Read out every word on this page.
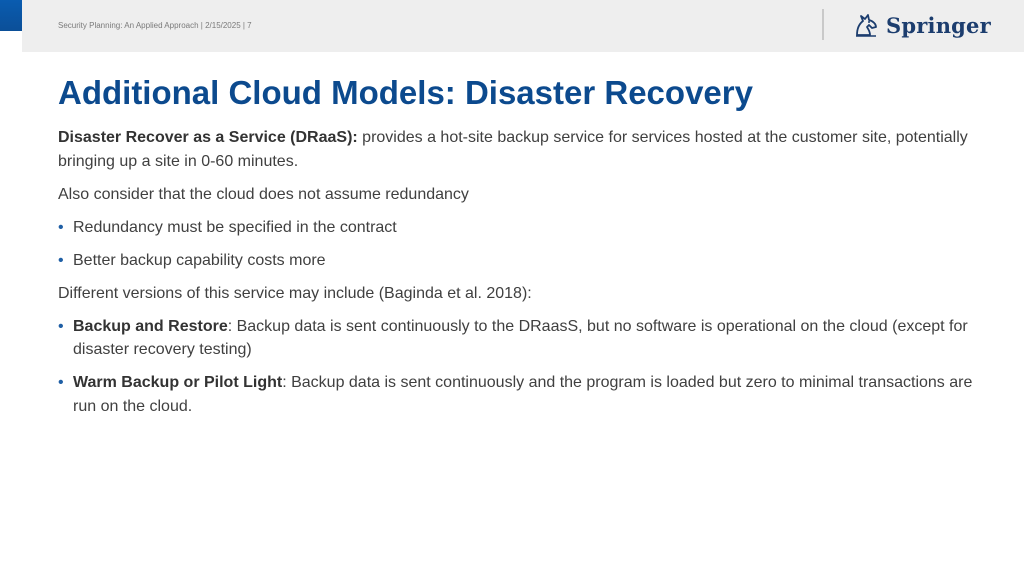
Security Planning: An Applied Approach | 2/15/2025 | 7	Springer
Additional Cloud Models: Disaster Recovery

Disaster Recover as a Service (DRaaS): provides a hot-site backup service for services hosted at the customer site, potentially bringing up a site in 0-60 minutes.

Also consider that the cloud does not assume redundancy

• Redundancy must be specified in the contract
• Better backup capability costs more

Different versions of this service may include (Baginda et al. 2018):

• Backup and Restore: Backup data is sent continuously to the DRaasS, but no software is operational on the cloud (except for disaster recovery testing)
• Warm Backup or Pilot Light: Backup data is sent continuously and the program is loaded but zero to minimal transactions are run on the cloud.
